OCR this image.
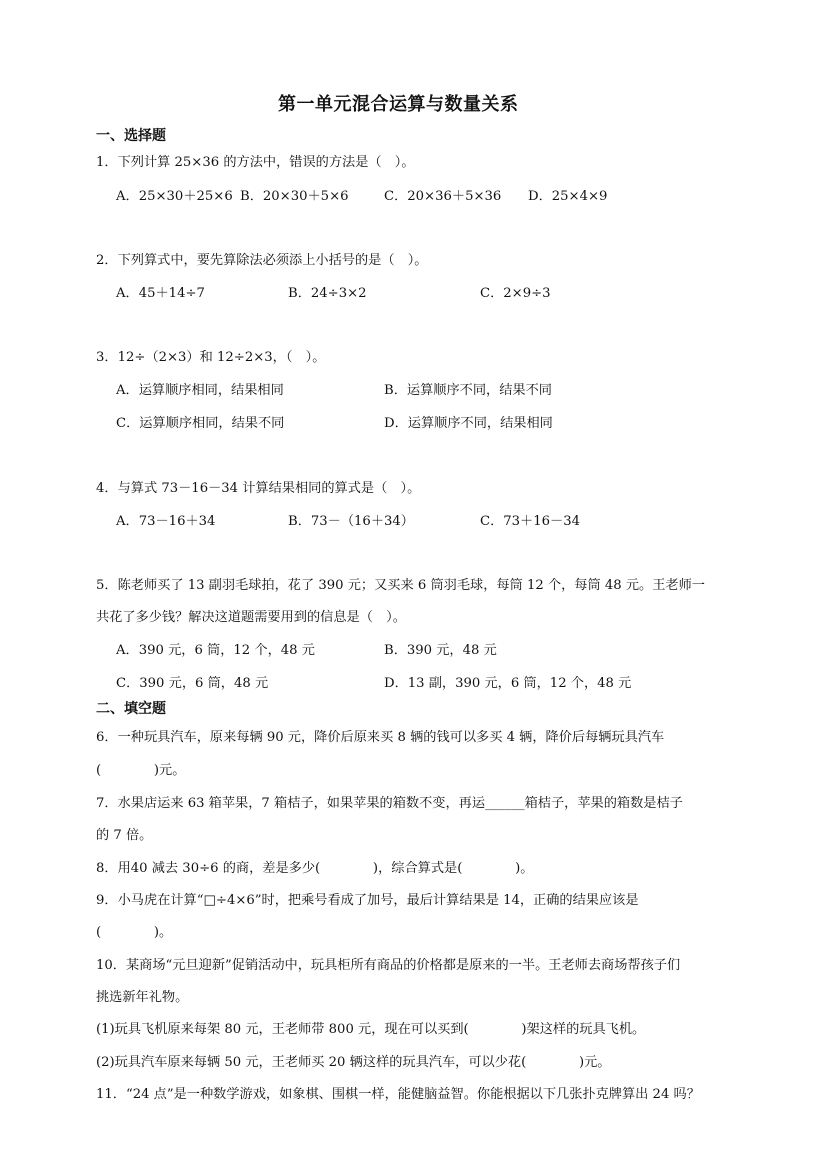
第一单元混合运算与数量关系
一、选择题
1．下列计算 25×36 的方法中，错误的方法是（　）。
A．25×30＋25×6 B．20×30＋5×6	C．20×36＋5×36 D．25×4×9
2．下列算式中，要先算除法必须添上小括号的是（　）。
A．45＋14÷7	B．24÷3×2	C．2×9÷3
3．12÷（2×3）和 12÷2×3，（　）。
A．运算顺序相同，结果相同	B．运算顺序不同，结果不同
C．运算顺序相同，结果不同	D．运算顺序不同，结果相同
4．与算式 73－16－34 计算结果相同的算式是（　）。
A．73－16＋34	B．73－（16＋34）	C．73＋16－34
5．陈老师买了 13 副羽毛球拍，花了 390 元；又买来 6 筒羽毛球，每筒 12 个，每筒 48 元。王老师一
共花了多少钱？解决这道题需要用到的信息是（　）。
A．390 元，6 筒，12 个，48 元	B．390 元，48 元
C．390 元，6 筒，48 元	D．13 副，390 元，6 筒，12 个，48 元
二、填空题
6．一种玩具汽车，原来每辆 90 元，降价后原来买 8 辆的钱可以多买 4 辆，降价后每辆玩具汽车
(　　　　)元。
7．水果店运来 63 箱苹果，7 箱桔子，如果苹果的箱数不变，再运______箱桔子，苹果的箱数是桔子
的 7 倍。
8．用40 减去 30÷6 的商，差是多少(　　　　)，综合算式是(　　　　)。
9．小马虎在计算“□÷4×6”时，把乘号看成了加号，最后计算结果是 14，正确的结果应该是
(　　　　)。
10．某商场“元旦迎新”促销活动中，玩具柜所有商品的价格都是原来的一半。王老师去商场帮孩子们
挑选新年礼物。
(1)玩具飞机原来每架 80 元，王老师带 800 元，现在可以买到(　　　　)架这样的玩具飞机。
(2)玩具汽车原来每辆 50 元，王老师买 20 辆这样的玩具汽车，可以少花(　　　　)元。
11．“24 点”是一种数学游戏，如象棋、围棋一样，能健脑益智。你能根据以下几张扑克牌算出 24 吗？
